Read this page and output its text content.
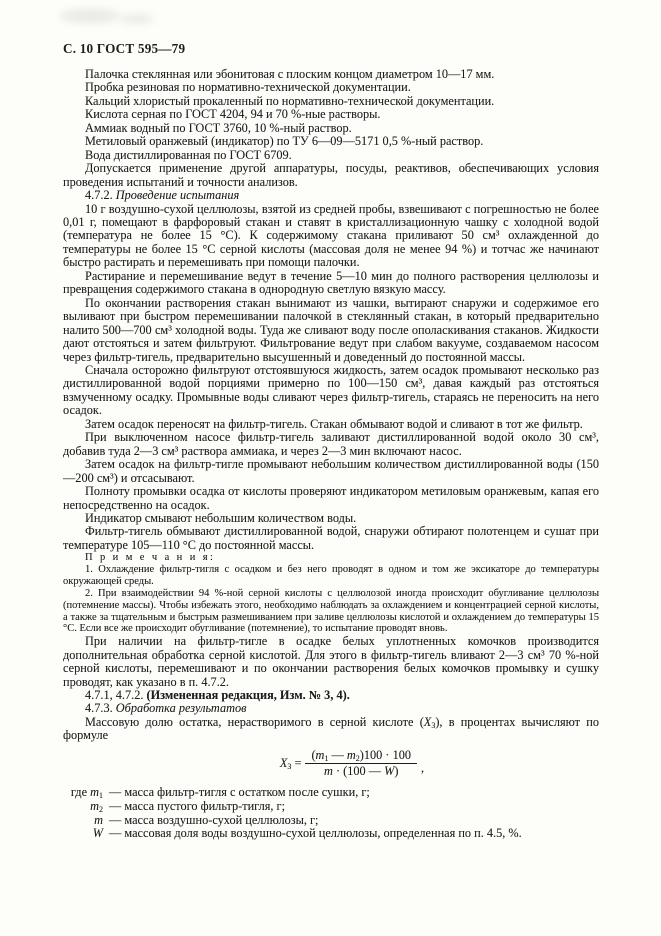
С. 10 ГОСТ 595—79

Палочка стеклянная или эбонитовая с плоским концом диаметром 10—17 мм.

Пробка резиновая по нормативно-технической документации.

Кальций хлористый прокаленный по нормативно-технической документации.

Кислота серная по ГОСТ 4204, 94 и 70 %-ные растворы.

Аммиак водный по ГОСТ 3760, 10 %-ный раствор.

Метиловый оранжевый (индикатор) по ТУ 6—09—5171 0,5 %-ный раствор.

Вода дистиллированная по ГОСТ 6709.

Допускается применение другой аппаратуры, посуды, реактивов, обеспечивающих условия проведения испытаний и точности анализов.

4.7.2. Проведение испытания

10 г воздушно-сухой целлюлозы, взятой из средней пробы, взвешивают с погрешностью не более 0,01 г, помещают в фарфоровый стакан и ставят в кристаллизационную чашку с холодной водой (температура не более 15 °С). К содержимому стакана приливают 50 см³ охлажденной до температуры не более 15 °С серной кислоты (массовая доля не менее 94 %) и тотчас же начинают быстро растирать и перемешивать при помощи палочки.

Растирание и перемешивание ведут в течение 5—10 мин до полного растворения целлюлозы и превращения содержимого стакана в однородную светлую вязкую массу.

По окончании растворения стакан вынимают из чашки, вытирают снаружи и содержимое его выливают при быстром перемешивании палочкой в стеклянный стакан, в который предварительно налито 500—700 см³ холодной воды. Туда же сливают воду после ополаскивания стаканов. Жидкости дают отстояться и затем фильтруют. Фильтрование ведут при слабом вакууме, создаваемом насосом через фильтр-тигель, предварительно высушенный и доведенный до постоянной массы.

Сначала осторожно фильтруют отстоявшуюся жидкость, затем осадок промывают несколько раз дистиллированной водой порциями примерно по 100—150 см³, давая каждый раз отстояться взмученному осадку. Промывные воды сливают через фильтр-тигель, стараясь не переносить на него осадок.

Затем осадок переносят на фильтр-тигель. Стакан обмывают водой и сливают в тот же фильтр.

При выключенном насосе фильтр-тигель заливают дистиллированной водой около 30 см³, добавив туда 2—3 см³ раствора аммиака, и через 2—3 мин включают насос.

Затем осадок на фильтр-тигле промывают небольшим количеством дистиллированной воды (150—200 см³) и отсасывают.

Полноту промывки осадка от кислоты проверяют индикатором метиловым оранжевым, капая его непосредственно на осадок.

Индикатор смывают небольшим количеством воды.

Фильтр-тигель обмывают дистиллированной водой, снаружи обтирают полотенцем и сушат при температуре 105—110 °С до постоянной массы.

П р и м е ч а н и я:

1. Охлаждение фильтр-тигля с осадком и без него проводят в одном и том же эксикаторе до температуры окружающей среды.

2. При взаимодействии 94 %-ной серной кислоты с целлюлозой иногда происходит обугливание целлюлозы (потемнение массы). Чтобы избежать этого, необходимо наблюдать за охлаждением и концентрацией серной кислоты, а также за тщательным и быстрым размешиванием при заливе целлюлозы кислотой и охлаждением до температуры 15 °С. Если все же происходит обугливание (потемнение), то испытание проводят вновь.

При наличии на фильтр-тигле в осадке белых уплотненных комочков производится дополнительная обработка серной кислотой. Для этого в фильтр-тигель вливают 2—3 см³ 70 %-ной серной кислоты, перемешивают и по окончании растворения белых комочков промывку и сушку проводят, как указано в п. 4.7.2.

4.7.1, 4.7.2. (Измененная редакция, Изм. № 3, 4).

4.7.3. Обработка результатов

Массовую долю остатка, нерастворимого в серной кислоте $(X_3)$, в процентах вычисляют по формуле

$X_3 = \frac{(m_1 — m_2)100 \cdot 100}{m \cdot (100 — W)}$ ,
где $m_1$ — масса фильтр-тигля с остатком после сушки, г;
$m_2$ — масса пустого фильтр-тигля, г;
m — масса воздушно-сухой целлюлозы, г;
W — массовая доля воды воздушно-сухой целлюлозы, определенная по п. 4.5, %.
